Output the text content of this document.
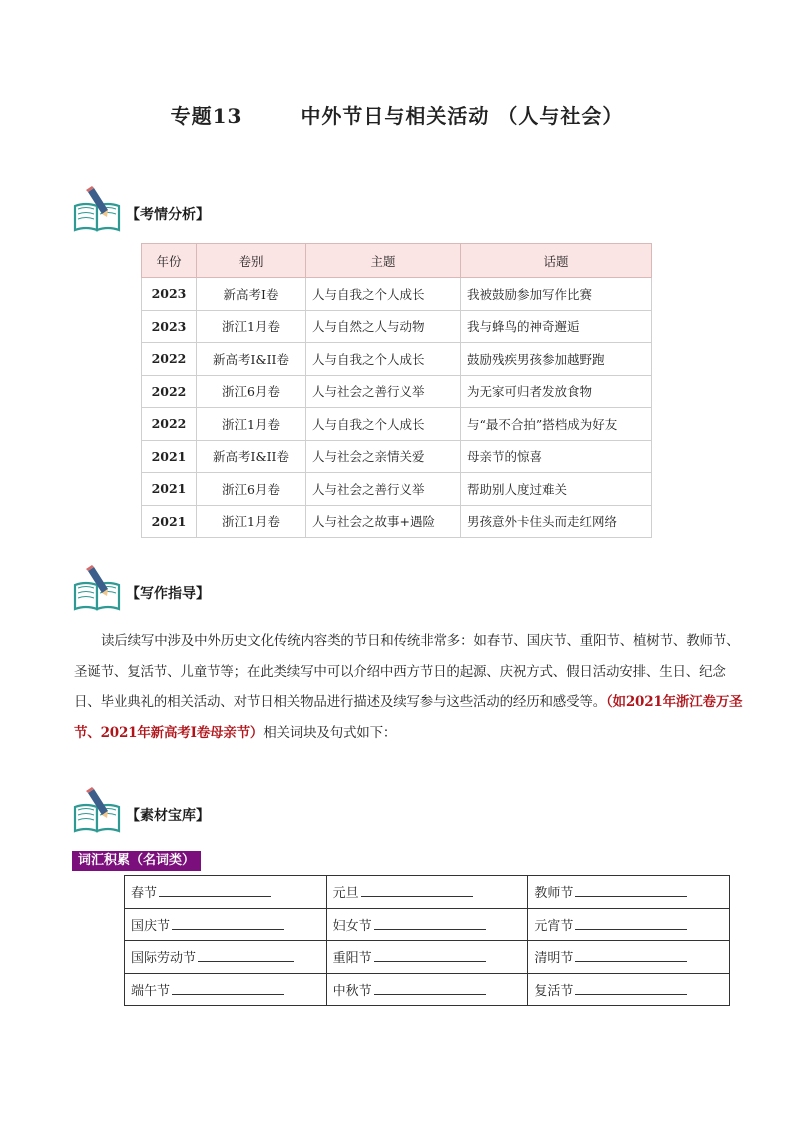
专题13	中外节日与相关活动 （人与社会）
【考情分析】
年份	卷别	主题	话题
2023	新高考I卷	人与自我之个人成长	我被鼓励参加写作比赛
2023	浙江1月卷	人与自然之人与动物	我与蜂鸟的神奇邂逅
2022	新高考I&II卷	人与自我之个人成长	鼓励残疾男孩参加越野跑
2022	浙江6月卷	人与社会之善行义举	为无家可归者发放食物
2022	浙江1月卷	人与自我之个人成长	与“最不合拍”搭档成为好友
2021	新高考I&II卷	人与社会之亲情关爱	母亲节的惊喜
2021	浙江6月卷	人与社会之善行义举	帮助别人度过难关
2021	浙江1月卷	人与社会之故事+遇险	男孩意外卡住头而走红网络
【写作指导】
读后续写中涉及中外历史文化传统内容类的节日和传统非常多：如春节、国庆节、重阳节、植树节、教师节、圣诞节、复活节、儿童节等；在此类续写中可以介绍中西方节日的起源、庆祝方式、假日活动安排、生日、纪念日、毕业典礼的相关活动、对节日相关物品进行描述及续写参与这些活动的经历和感受等。（如2021年浙江卷万圣节、2021年新高考I卷母亲节）相关词块及句式如下：
【素材宝库】
词汇积累（名词类）
春节	元旦	教师节
国庆节	妇女节	元宵节
国际劳动节	重阳节	清明节
端午节	中秋节	复活节
